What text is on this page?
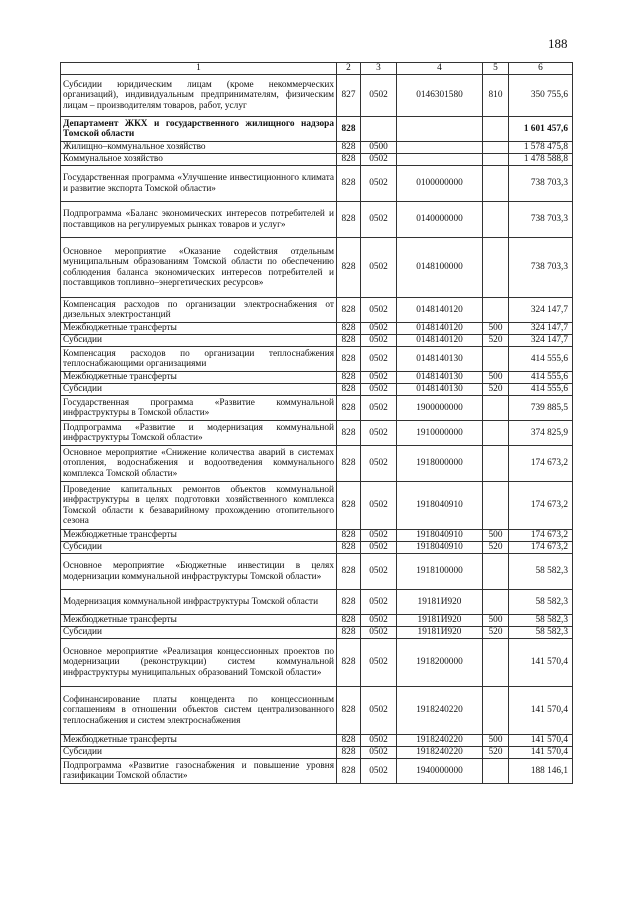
188
1	2	3	4	5	6
Субсидии юридическим лицам (кроме некоммерческих организаций), индивидуальным предпринимателям, физическим лицам – производителям товаров, работ, услуг	827	0502	0146301580	810	350 755,6
Департамент ЖКХ и государственного жилищного надзора Томской области	828				1 601 457,6
Жилищно–коммунальное хозяйство	828	0500			1 578 475,8
Коммунальное хозяйство	828	0502			1 478 588,8
Государственная программа «Улучшение инвестиционного климата и развитие экспорта Томской области»	828	0502	0100000000		738 703,3
Подпрограмма «Баланс экономических интересов потребителей и поставщиков на регулируемых рынках товаров и услуг»	828	0502	0140000000		738 703,3
Основное мероприятие «Оказание содействия отдельным муниципальным образованиям Томской области по обеспечению соблюдения баланса экономических интересов потребителей и поставщиков топливно–энергетических ресурсов»	828	0502	0148100000		738 703,3
Компенсация расходов по организации электроснабжения от дизельных электростанций	828	0502	0148140120		324 147,7
Межбюджетные трансферты	828	0502	0148140120	500	324 147,7
Субсидии	828	0502	0148140120	520	324 147,7
Компенсация расходов по организации теплоснабжения теплоснабжающими организациями	828	0502	0148140130		414 555,6
Межбюджетные трансферты	828	0502	0148140130	500	414 555,6
Субсидии	828	0502	0148140130	520	414 555,6
Государственная программа «Развитие коммунальной инфраструктуры в Томской области»	828	0502	1900000000		739 885,5
Подпрограмма «Развитие и модернизация коммунальной инфраструктуры Томской области»	828	0502	1910000000		374 825,9
Основное мероприятие «Снижение количества аварий в системах отопления, водоснабжения и водоотведения коммунального комплекса Томской области»	828	0502	1918000000		174 673,2
Проведение капитальных ремонтов объектов коммунальной инфраструктуры в целях подготовки хозяйственного комплекса Томской области к безаварийному прохождению отопительного сезона	828	0502	1918040910		174 673,2
Межбюджетные трансферты	828	0502	1918040910	500	174 673,2
Субсидии	828	0502	1918040910	520	174 673,2
Основное мероприятие «Бюджетные инвестиции в целях модернизации коммунальной инфраструктуры Томской области»	828	0502	1918100000		58 582,3
Модернизация коммунальной инфраструктуры Томской области	828	0502	19181И920		58 582,3
Межбюджетные трансферты	828	0502	19181И920	500	58 582,3
Субсидии	828	0502	19181И920	520	58 582,3
Основное мероприятие «Реализация концессионных проектов по модернизации (реконструкции) систем коммунальной инфраструктуры муниципальных образований Томской области»	828	0502	1918200000		141 570,4
Софинансирование платы концедента по концессионным соглашениям в отношении объектов систем централизованного теплоснабжения и систем электроснабжения	828	0502	1918240220		141 570,4
Межбюджетные трансферты	828	0502	1918240220	500	141 570,4
Субсидии	828	0502	1918240220	520	141 570,4
Подпрограмма «Развитие газоснабжения и повышение уровня газификации Томской области»	828	0502	1940000000		188 146,1
